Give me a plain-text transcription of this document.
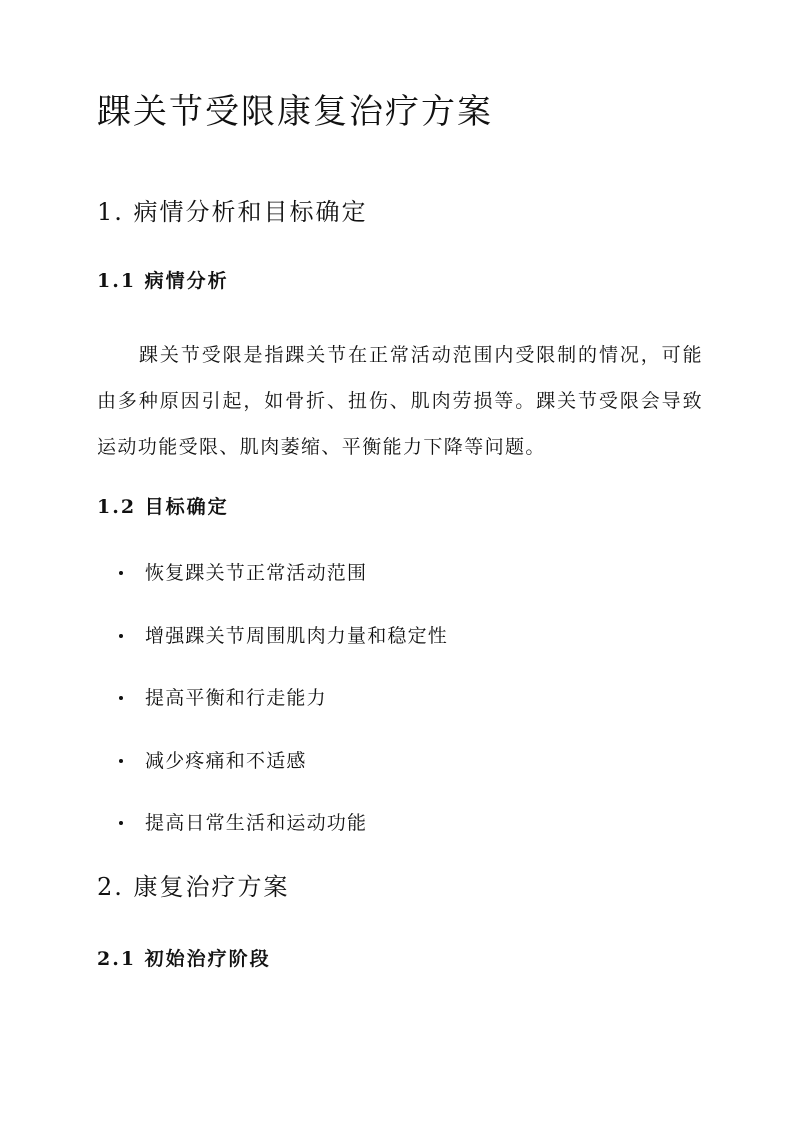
踝关节受限康复治疗方案
1. 病情分析和目标确定
1.1 病情分析

踝关节受限是指踝关节在正常活动范围内受限制的情况，可能由多种原因引起，如骨折、扭伤、肌肉劳损等。踝关节受限会导致运动功能受限、肌肉萎缩、平衡能力下降等问题。

1.2 目标确定
恢复踝关节正常活动范围
增强踝关节周围肌肉力量和稳定性
提高平衡和行走能力
减少疼痛和不适感
提高日常生活和运动功能
2. 康复治疗方案
2.1 初始治疗阶段
